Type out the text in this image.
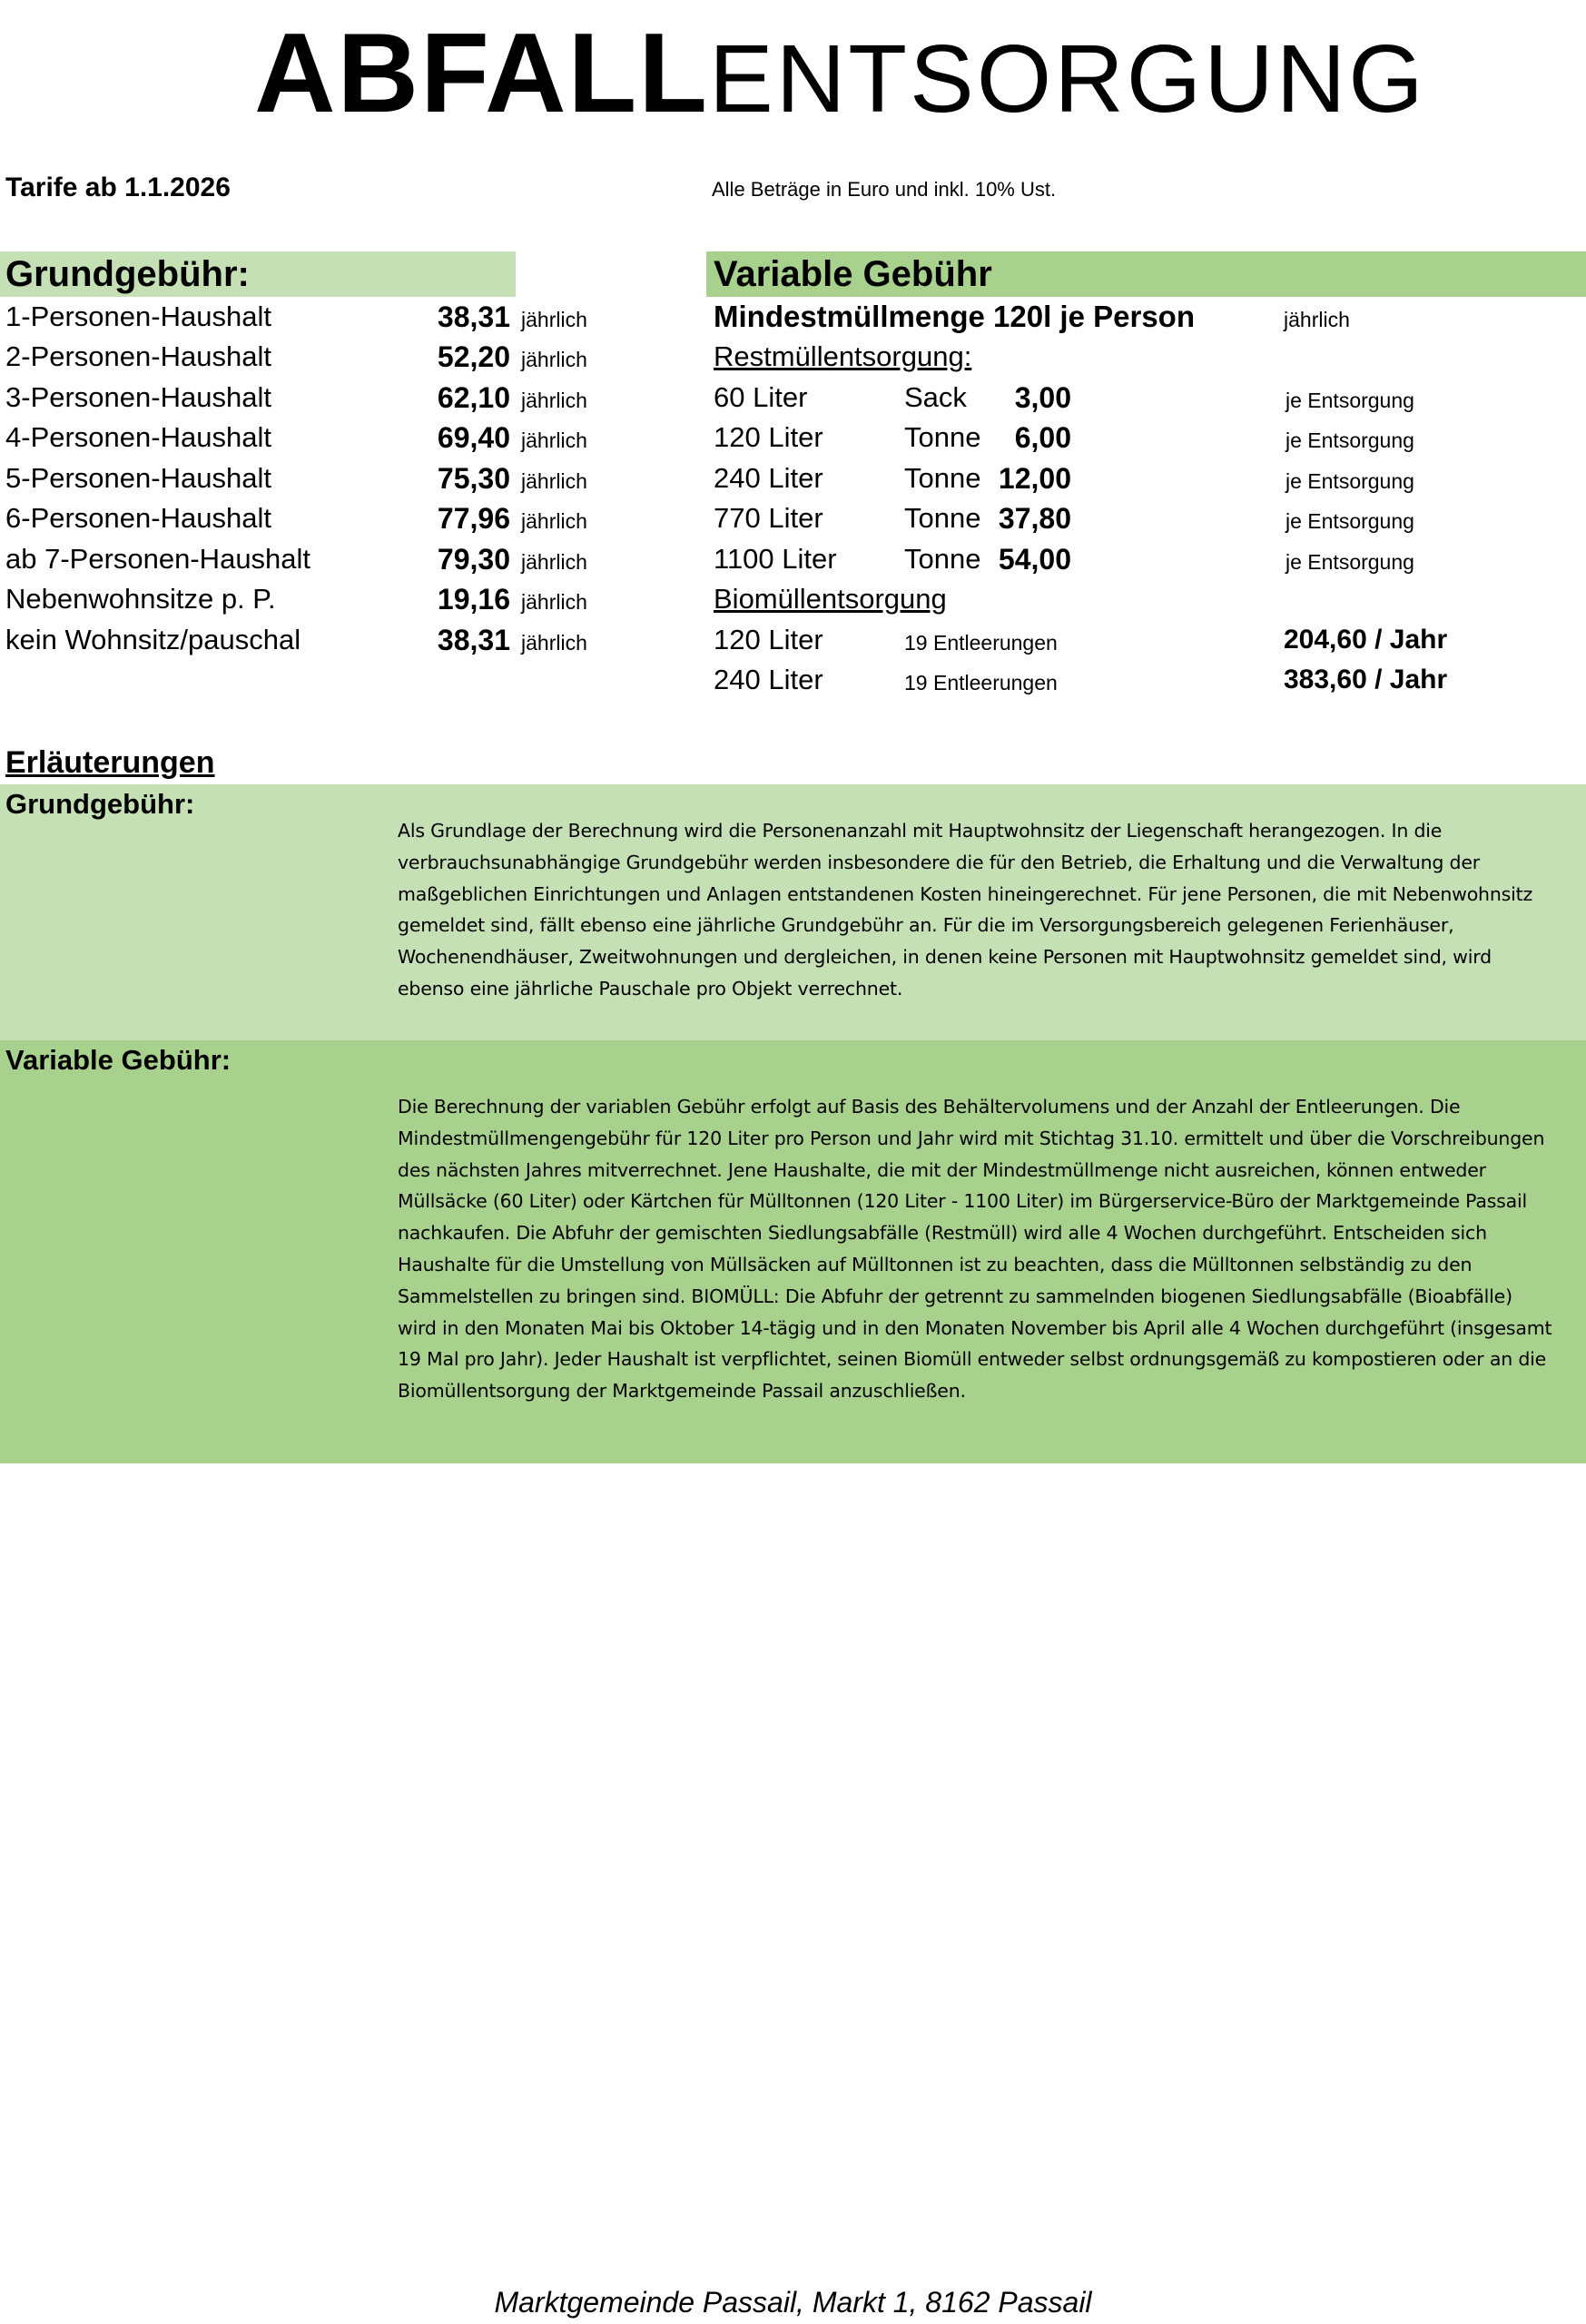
ABFALLENTSORGUNG
Tarife ab 1.1.2026	Alle Beträge in Euro und inkl. 10% Ust.
Grundgebühr:	Variable Gebühr
1-Personen-Haushalt	38,31 jährlich
2-Personen-Haushalt	52,20 jährlich
3-Personen-Haushalt	62,10 jährlich
4-Personen-Haushalt	69,40 jährlich
5-Personen-Haushalt	75,30 jährlich
6-Personen-Haushalt	77,96 jährlich
ab 7-Personen-Haushalt	79,30 jährlich
Nebenwohnsitze p. P.	19,16 jährlich
kein Wohnsitz/pauschal	38,31 jährlich
Mindestmüllmenge 120l je Person	jährlich
Restmüllentsorgung:
60 Liter	Sack	3,00	je Entsorgung
120 Liter	Tonne	6,00	je Entsorgung
240 Liter	Tonne 12,00	je Entsorgung
770 Liter	Tonne 37,80	je Entsorgung
1100 Liter Tonne 54,00	je Entsorgung
Biomüllentsorgung
120 Liter	19 Entleerungen	204,60 / Jahr
240 Liter	19 Entleerungen	383,60 / Jahr
Erläuterungen
Grundgebühr:
Als Grundlage der Berechnung wird die Personenanzahl mit Hauptwohnsitz der Liegenschaft herangezogen. In die verbrauchsunabhängige Grundgebühr werden insbesondere die für den Betrieb, die Erhaltung und die Verwaltung der maßgeblichen Einrichtungen und Anlagen entstandenen Kosten hineingerechnet. Für jene Personen, die mit Nebenwohnsitz gemeldet sind, fällt ebenso eine jährliche Grundgebühr an. Für die im Versorgungsbereich gelegenen Ferienhäuser, Wochenendhäuser, Zweitwohnungen und dergleichen, in denen keine Personen mit Hauptwohnsitz gemeldet sind, wird ebenso eine jährliche Pauschale pro Objekt verrechnet.
Variable Gebühr:
Die Berechnung der variablen Gebühr erfolgt auf Basis des Behältervolumens und der Anzahl der Entleerungen. Die Mindestmüllmengengebühr für 120 Liter pro Person und Jahr wird mit Stichtag 31.10. ermittelt und über die Vorschreibungen des nächsten Jahres mitverrechnet. Jene Haushalte, die mit der Mindestmüllmenge nicht ausreichen, können entweder Müllsäcke (60 Liter) oder Kärtchen für Mülltonnen (120 Liter - 1100 Liter) im Bürgerservice-Büro der Marktgemeinde Passail nachkaufen. Die Abfuhr der gemischten Siedlungsabfälle (Restmüll) wird alle 4 Wochen durchgeführt. Entscheiden sich Haushalte für die Umstellung von Müllsäcken auf Mülltonnen ist zu beachten, dass die Mülltonnen selbständig zu den Sammelstellen zu bringen sind. BIOMÜLL: Die Abfuhr der getrennt zu sammelnden biogenen Siedlungsabfälle (Bioabfälle) wird in den Monaten Mai bis Oktober 14-tägig und in den Monaten November bis April alle 4 Wochen durchgeführt (insgesamt 19 Mal pro Jahr). Jeder Haushalt ist verpflichtet, seinen Biomüll entweder selbst ordnungsgemäß zu kompostieren oder an die Biomüllentsorgung der Marktgemeinde Passail anzuschließen.
Marktgemeinde Passail, Markt 1, 8162 Passail
